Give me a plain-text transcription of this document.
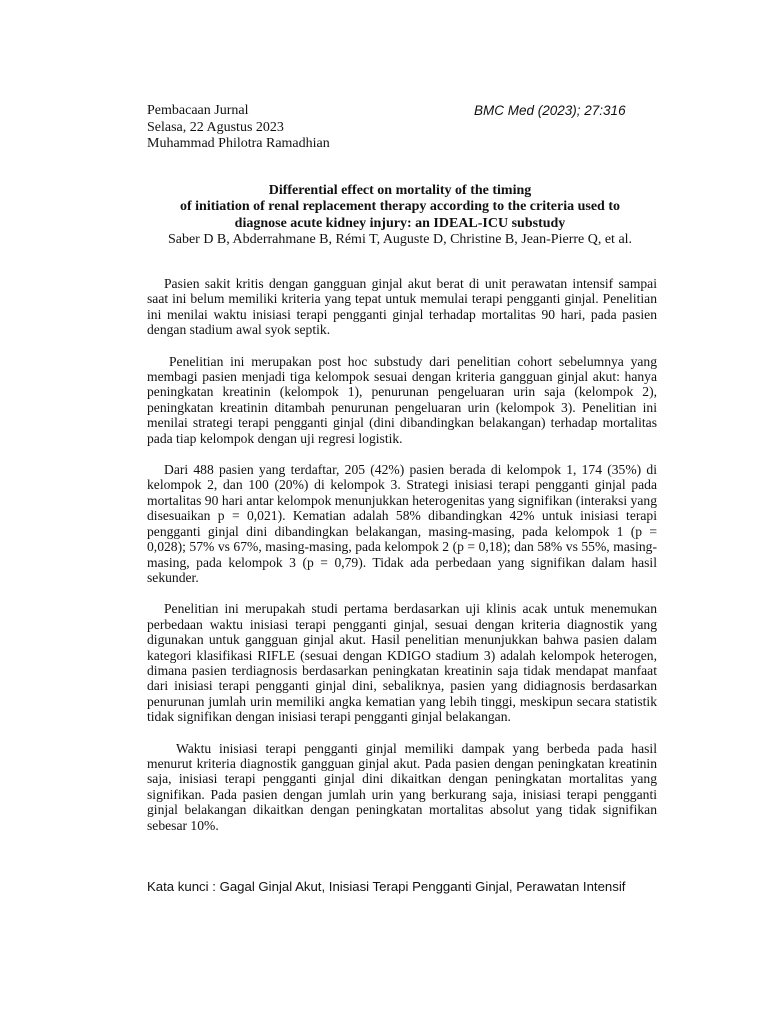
Pembacaan Jurnal
Selasa, 22 Agustus 2023
Muhammad Philotra Ramadhian
BMC Med (2023); 27:316

Differential effect on mortality of the timing
of initiation of renal replacement therapy according to the criteria used to
diagnose acute kidney injury: an IDEAL-ICU substudy

Saber D B, Abderrahmane B, Rémi T, Auguste D, Christine B, Jean-Pierre Q, et al.

Pasien sakit kritis dengan gangguan ginjal akut berat di unit perawatan intensif sampai saat ini belum memiliki kriteria yang tepat untuk memulai terapi pengganti ginjal. Penelitian ini menilai waktu inisiasi terapi pengganti ginjal terhadap mortalitas 90 hari, pada pasien dengan stadium awal syok septik.

Penelitian ini merupakan post hoc substudy dari penelitian cohort sebelumnya yang membagi pasien menjadi tiga kelompok sesuai dengan kriteria gangguan ginjal akut: hanya peningkatan kreatinin (kelompok 1), penurunan pengeluaran urin saja (kelompok 2), peningkatan kreatinin ditambah penurunan pengeluaran urin (kelompok 3). Penelitian ini menilai strategi terapi pengganti ginjal (dini dibandingkan belakangan) terhadap mortalitas pada tiap kelompok dengan uji regresi logistik.

Dari 488 pasien yang terdaftar, 205 (42%) pasien berada di kelompok 1, 174 (35%) di kelompok 2, dan 100 (20%) di kelompok 3. Strategi inisiasi terapi pengganti ginjal pada mortalitas 90 hari antar kelompok menunjukkan heterogenitas yang signifikan (interaksi yang disesuaikan p = 0,021). Kematian adalah 58% dibandingkan 42% untuk inisiasi terapi pengganti ginjal dini dibandingkan belakangan, masing-masing, pada kelompok 1 (p = 0,028); 57% vs 67%, masing-masing, pada kelompok 2 (p = 0,18); dan 58% vs 55%, masing-masing, pada kelompok 3 (p = 0,79). Tidak ada perbedaan yang signifikan dalam hasil sekunder.

Penelitian ini merupakah studi pertama berdasarkan uji klinis acak untuk menemukan perbedaan waktu inisiasi terapi pengganti ginjal, sesuai dengan kriteria diagnostik yang digunakan untuk gangguan ginjal akut. Hasil penelitian menunjukkan bahwa pasien dalam kategori klasifikasi RIFLE (sesuai dengan KDIGO stadium 3) adalah kelompok heterogen, dimana pasien terdiagnosis berdasarkan peningkatan kreatinin saja tidak mendapat manfaat dari inisiasi terapi pengganti ginjal dini, sebaliknya, pasien yang didiagnosis berdasarkan penurunan jumlah urin memiliki angka kematian yang lebih tinggi, meskipun secara statistik tidak signifikan dengan inisiasi terapi pengganti ginjal belakangan.

Waktu inisiasi terapi pengganti ginjal memiliki dampak yang berbeda pada hasil menurut kriteria diagnostik gangguan ginjal akut. Pada pasien dengan peningkatan kreatinin saja, inisiasi terapi pengganti ginjal dini dikaitkan dengan peningkatan mortalitas yang signifikan. Pada pasien dengan jumlah urin yang berkurang saja, inisiasi terapi pengganti ginjal belakangan dikaitkan dengan peningkatan mortalitas absolut yang tidak signifikan sebesar 10%.

Kata kunci : Gagal Ginjal Akut, Inisiasi Terapi Pengganti Ginjal, Perawatan Intensif
